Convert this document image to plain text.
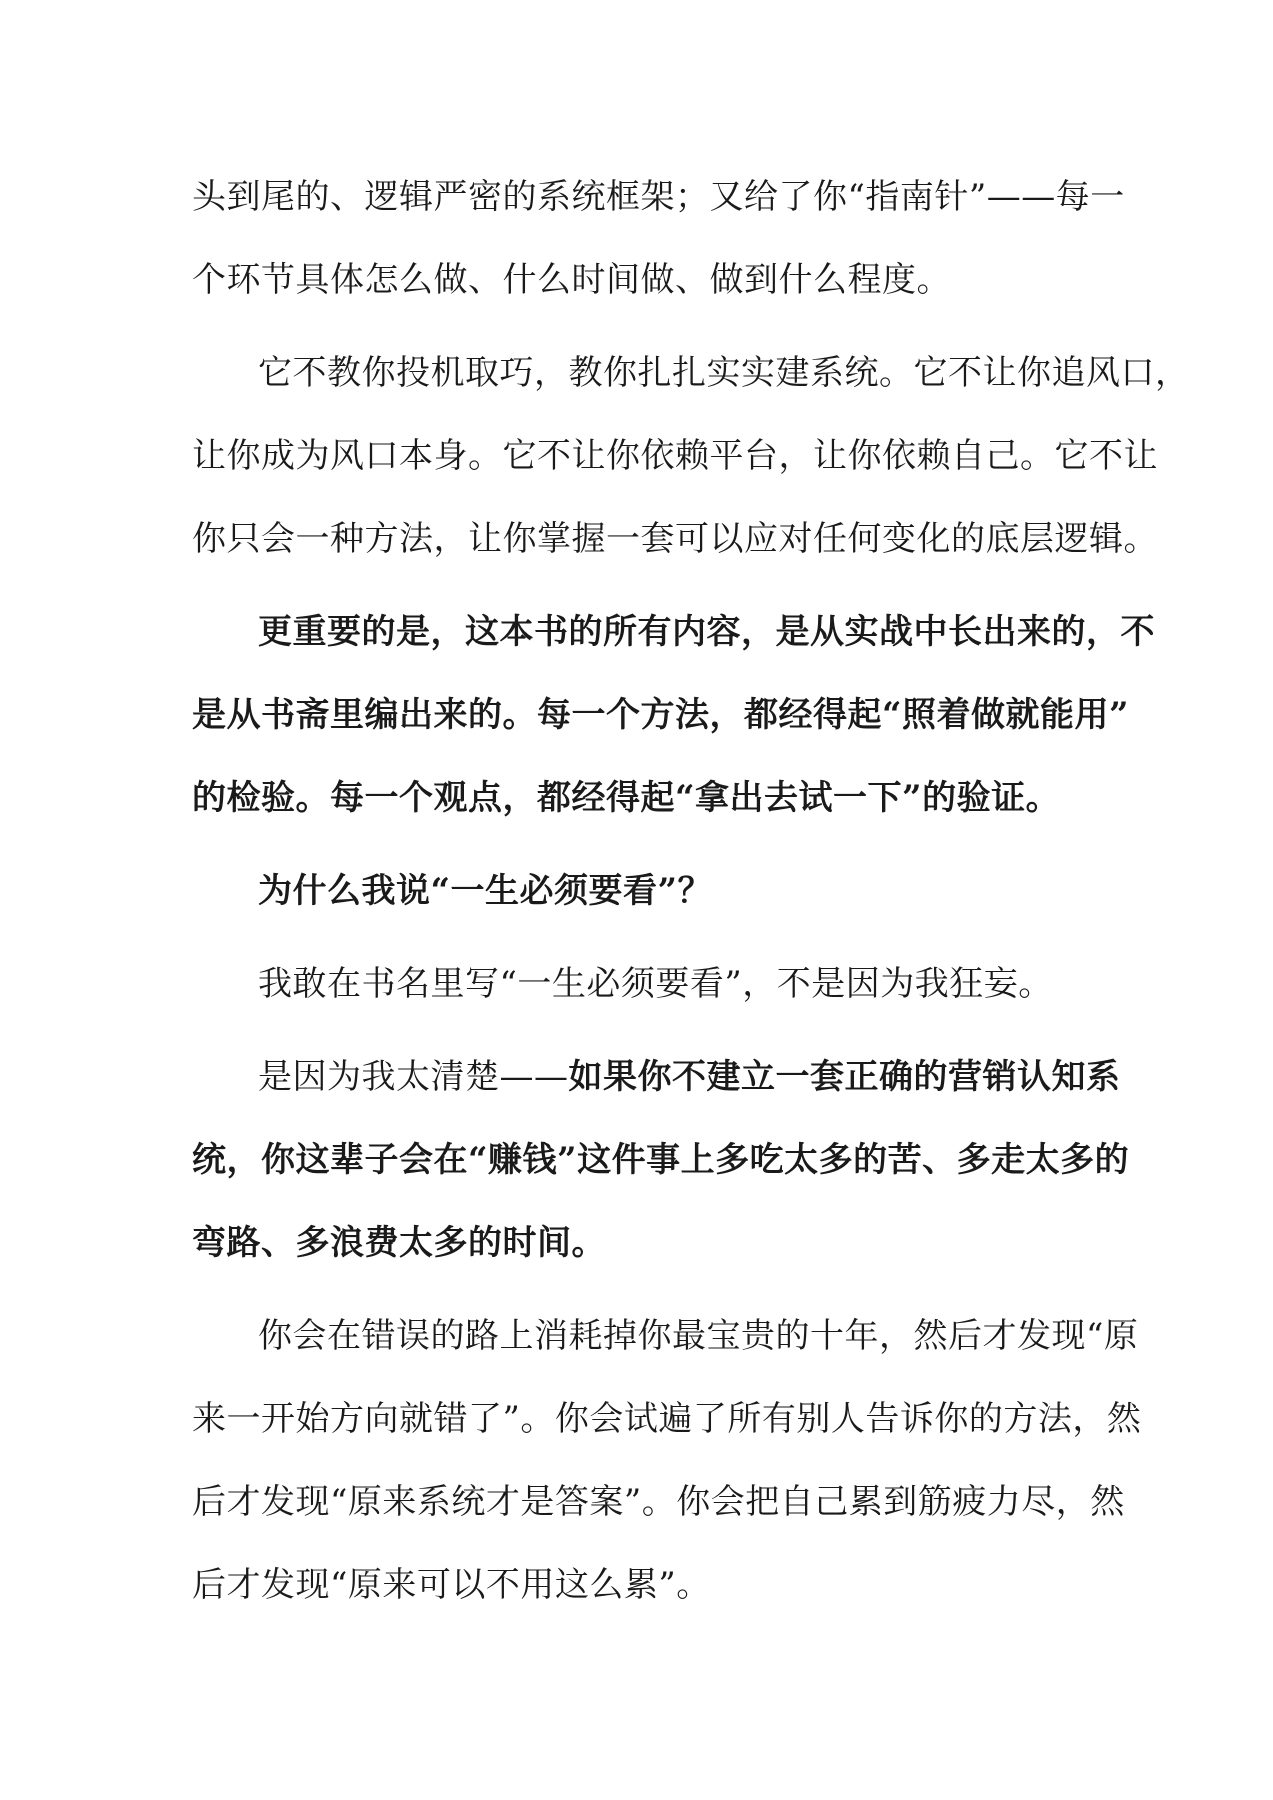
头到尾的、逻辑严密的系统框架；又给了你“指南针”——每一
个环节具体怎么做、什么时间做、做到什么程度。
它不教你投机取巧，教你扎扎实实建系统。它不让你追风口，
让你成为风口本身。它不让你依赖平台，让你依赖自己。它不让
你只会一种方法，让你掌握一套可以应对任何变化的底层逻辑。
更重要的是，这本书的所有内容，是从实战中长出来的，不
是从书斋里编出来的。每一个方法，都经得起“照着做就能用”
的检验。每一个观点，都经得起“拿出去试一下”的验证。
为什么我说“一生必须要看”？
我敢在书名里写“一生必须要看”，不是因为我狂妄。
是因为我太清楚—— 如果你不建立一套正确的营销认知系
统，你这辈子会在“赚钱”这件事上多吃太多的苦、多走太多的
弯路、多浪费太多的时间。
你会在错误的路上消耗掉你最宝贵的十年，然后才发现“原
来一开始方向就错了”。你会试遍了所有别人告诉你的方法，然
后才发现“原来系统才是答案”。你会把自己累到筋疲力尽，然
后才发现“原来可以不用这么累”。
